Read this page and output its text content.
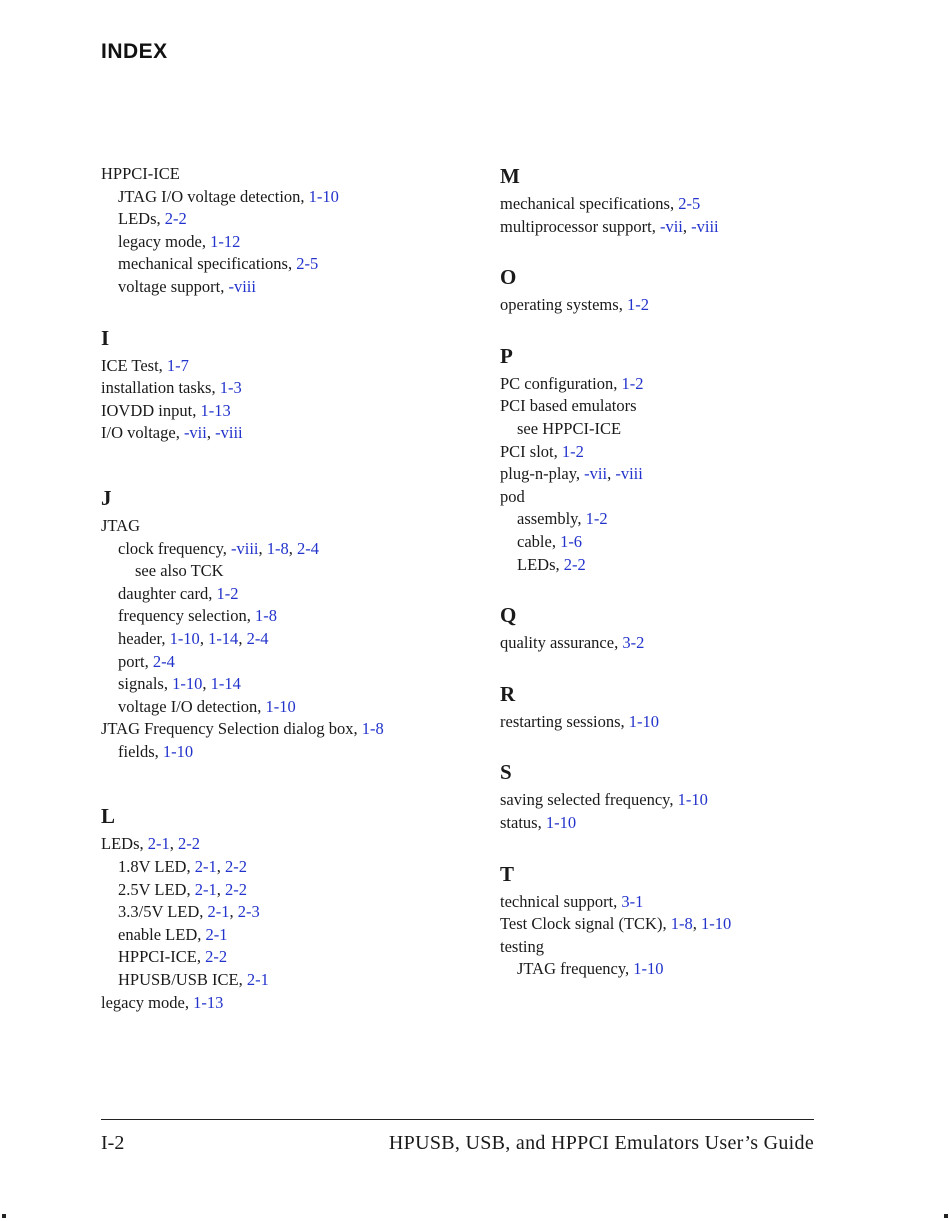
INDEX
HPPCI-ICE
JTAG I/O voltage detection, 1-10
LEDs, 2-2
legacy mode, 1-12
mechanical specifications, 2-5
voltage support, -viii
I
ICE Test, 1-7
installation tasks, 1-3
IOVDD input, 1-13
I/O voltage, -vii, -viii
J
JTAG
clock frequency, -viii, 1-8, 2-4
see also TCK
daughter card, 1-2
frequency selection, 1-8
header, 1-10, 1-14, 2-4
port, 2-4
signals, 1-10, 1-14
voltage I/O detection, 1-10
JTAG Frequency Selection dialog box, 1-8
fields, 1-10
L
LEDs, 2-1, 2-2
1.8V LED, 2-1, 2-2
2.5V LED, 2-1, 2-2
3.3/5V LED, 2-1, 2-3
enable LED, 2-1
HPPCI-ICE, 2-2
HPUSB/USB ICE, 2-1
legacy mode, 1-13
M
mechanical specifications, 2-5
multiprocessor support, -vii, -viii
O
operating systems, 1-2
P
PC configuration, 1-2
PCI based emulators
see HPPCI-ICE
PCI slot, 1-2
plug-n-play, -vii, -viii
pod
assembly, 1-2
cable, 1-6
LEDs, 2-2
Q
quality assurance, 3-2
R
restarting sessions, 1-10
S
saving selected frequency, 1-10
status, 1-10
T
technical support, 3-1
Test Clock signal (TCK), 1-8, 1-10
testing
JTAG frequency, 1-10
I-2	HPUSB, USB, and HPPCI Emulators User’s Guide
